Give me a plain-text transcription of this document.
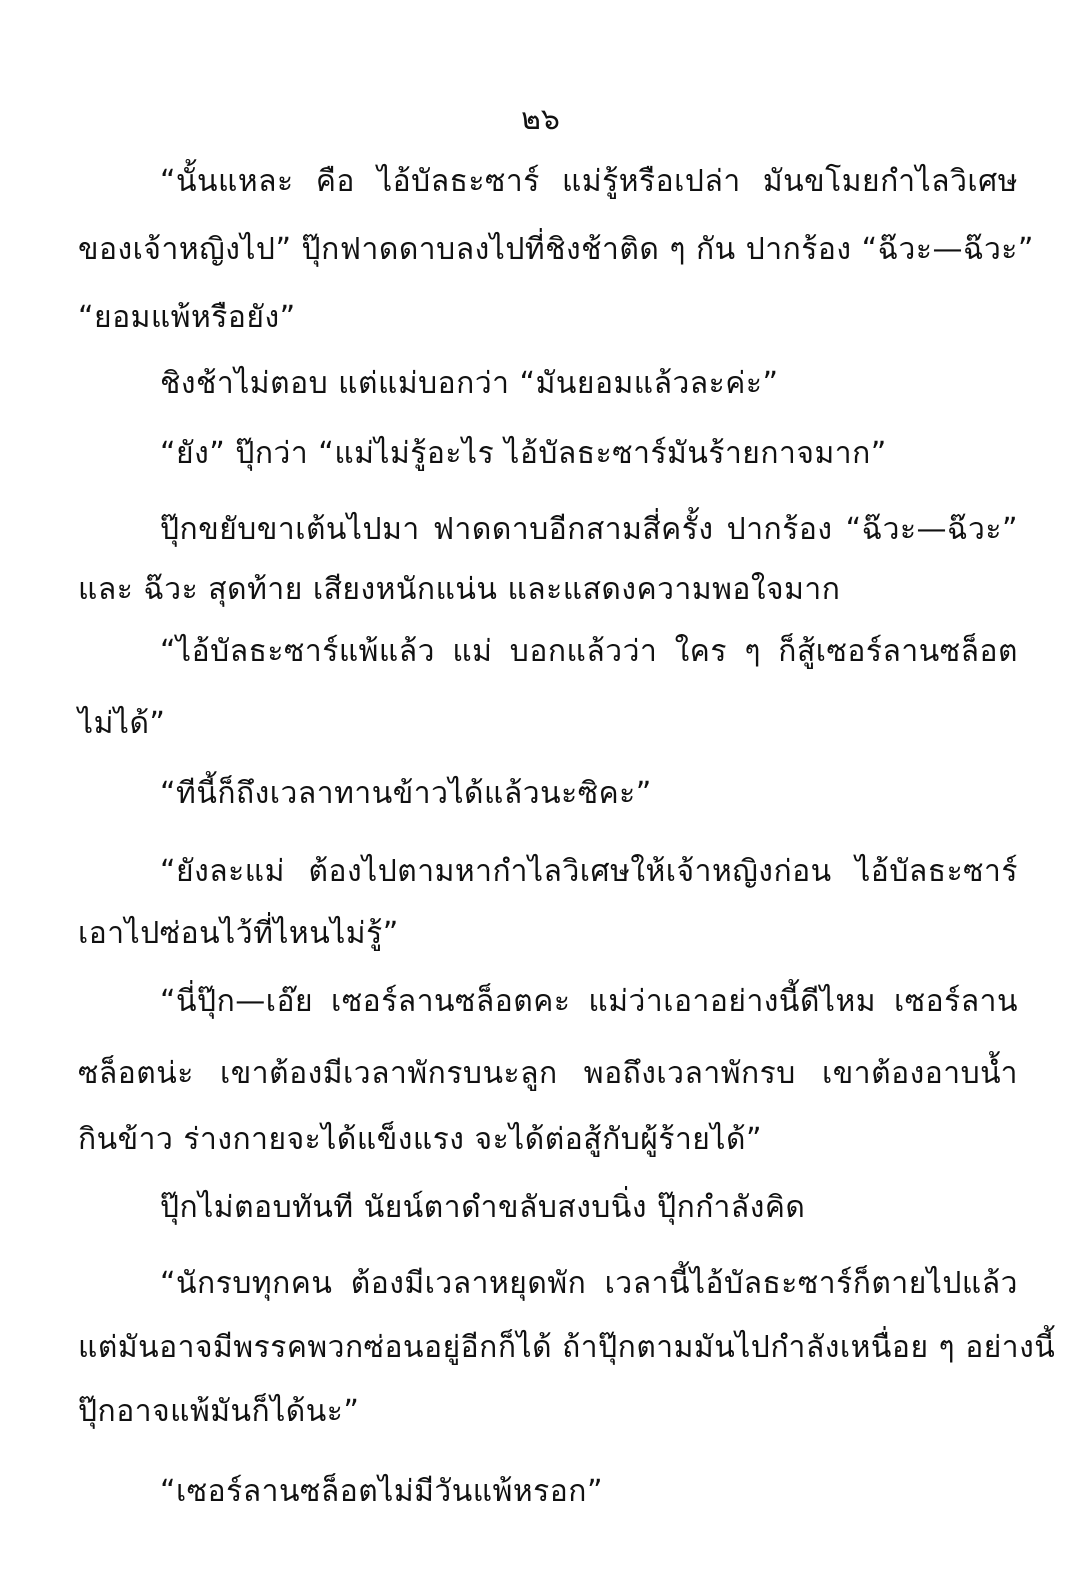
๒๖
“นั้นแหละ คือ ไอ้บัลธะซาร์ แม่รู้หรือเปล่า มันขโมยกำไลวิเศษ
ของเจ้าหญิงไป” ปุ๊กฟาดดาบลงไปที่ชิงช้าติด ๆ กัน ปากร้อง “ฉ๊วะ—ฉ๊วะ”
“ยอมแพ้หรือยัง”
ชิงช้าไม่ตอบ แต่แม่บอกว่า “มันยอมแล้วละค่ะ”
“ยัง” ปุ๊กว่า “แม่ไม่รู้อะไร ไอ้บัลธะซาร์มันร้ายกาจมาก”
ปุ๊กขยับขาเต้นไปมา ฟาดดาบอีกสามสี่ครั้ง ปากร้อง “ฉ๊วะ—ฉ๊วะ”
และ ฉ๊วะ สุดท้าย เสียงหนักแน่น และแสดงความพอใจมาก
“ไอ้บัลธะซาร์แพ้แล้ว แม่ บอกแล้วว่า ใคร ๆ ก็สู้เซอร์ลานซล็อต
ไม่ได้”
“ทีนี้ก็ถึงเวลาทานข้าวได้แล้วนะซิคะ”
“ยังละแม่ ต้องไปตามหากำไลวิเศษให้เจ้าหญิงก่อน ไอ้บัลธะซาร์
เอาไปซ่อนไว้ที่ไหนไม่รู้”
“นี่ปุ๊ก—เอ๊ย เซอร์ลานซล็อตคะ แม่ว่าเอาอย่างนี้ดีไหม เซอร์ลาน
ซล็อตน่ะ เขาต้องมีเวลาพักรบนะลูก พอถึงเวลาพักรบ เขาต้องอาบน้ำ
กินข้าว ร่างกายจะได้แข็งแรง จะได้ต่อสู้กับผู้ร้ายได้”
ปุ๊กไม่ตอบทันที นัยน์ตาดำขลับสงบนิ่ง ปุ๊กกำลังคิด
“นักรบทุกคน ต้องมีเวลาหยุดพัก เวลานี้ไอ้บัลธะซาร์ก็ตายไปแล้ว
แต่มันอาจมีพรรคพวกซ่อนอยู่อีกก็ได้ ถ้าปุ๊กตามมันไปกำลังเหนื่อย ๆ อย่างนี้
ปุ๊กอาจแพ้มันก็ได้นะ”
“เซอร์ลานซล็อตไม่มีวันแพ้หรอก”
